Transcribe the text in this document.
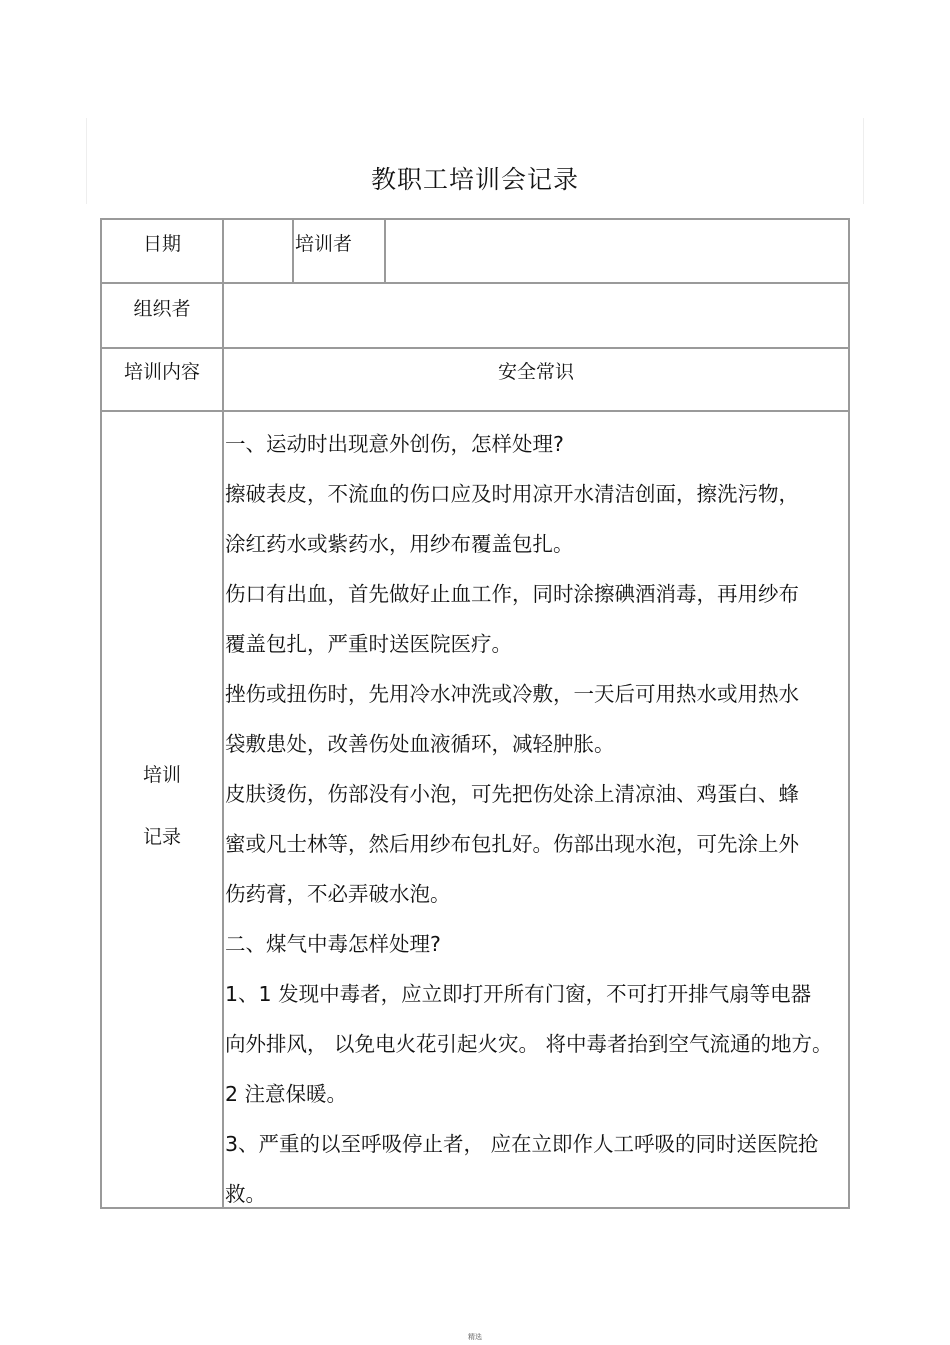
教职工培训会记录
日期	培训者
组织者
培训内容	安全常识
培训
记录
一、运动时出现意外创伤，怎样处理?
擦破表皮，不流血的伤口应及时用凉开水清洁创面，擦洗污物，
涂红药水或紫药水，用纱布覆盖包扎。
伤口有出血，首先做好止血工作，同时涂擦碘酒消毒，再用纱布
覆盖包扎，严重时送医院医疗。
挫伤或扭伤时，先用冷水冲洗或冷敷，一天后可用热水或用热水
袋敷患处，改善伤处血液循环，减轻肿胀。
皮肤烫伤，伤部没有小泡，可先把伤处涂上清凉油、鸡蛋白、蜂
蜜或凡士林等，然后用纱布包扎好。伤部出现水泡，可先涂上外
伤药膏，不必弄破水泡。
二、煤气中毒怎样处理?
1、1 发现中毒者，应立即打开所有门窗，不可打开排气扇等电器
向外排风， 以免电火花引起火灾。 将中毒者抬到空气流通的地方。
2 注意保暖。
3、严重的以至呼吸停止者， 应在立即作人工呼吸的同时送医院抢
救。
精选
